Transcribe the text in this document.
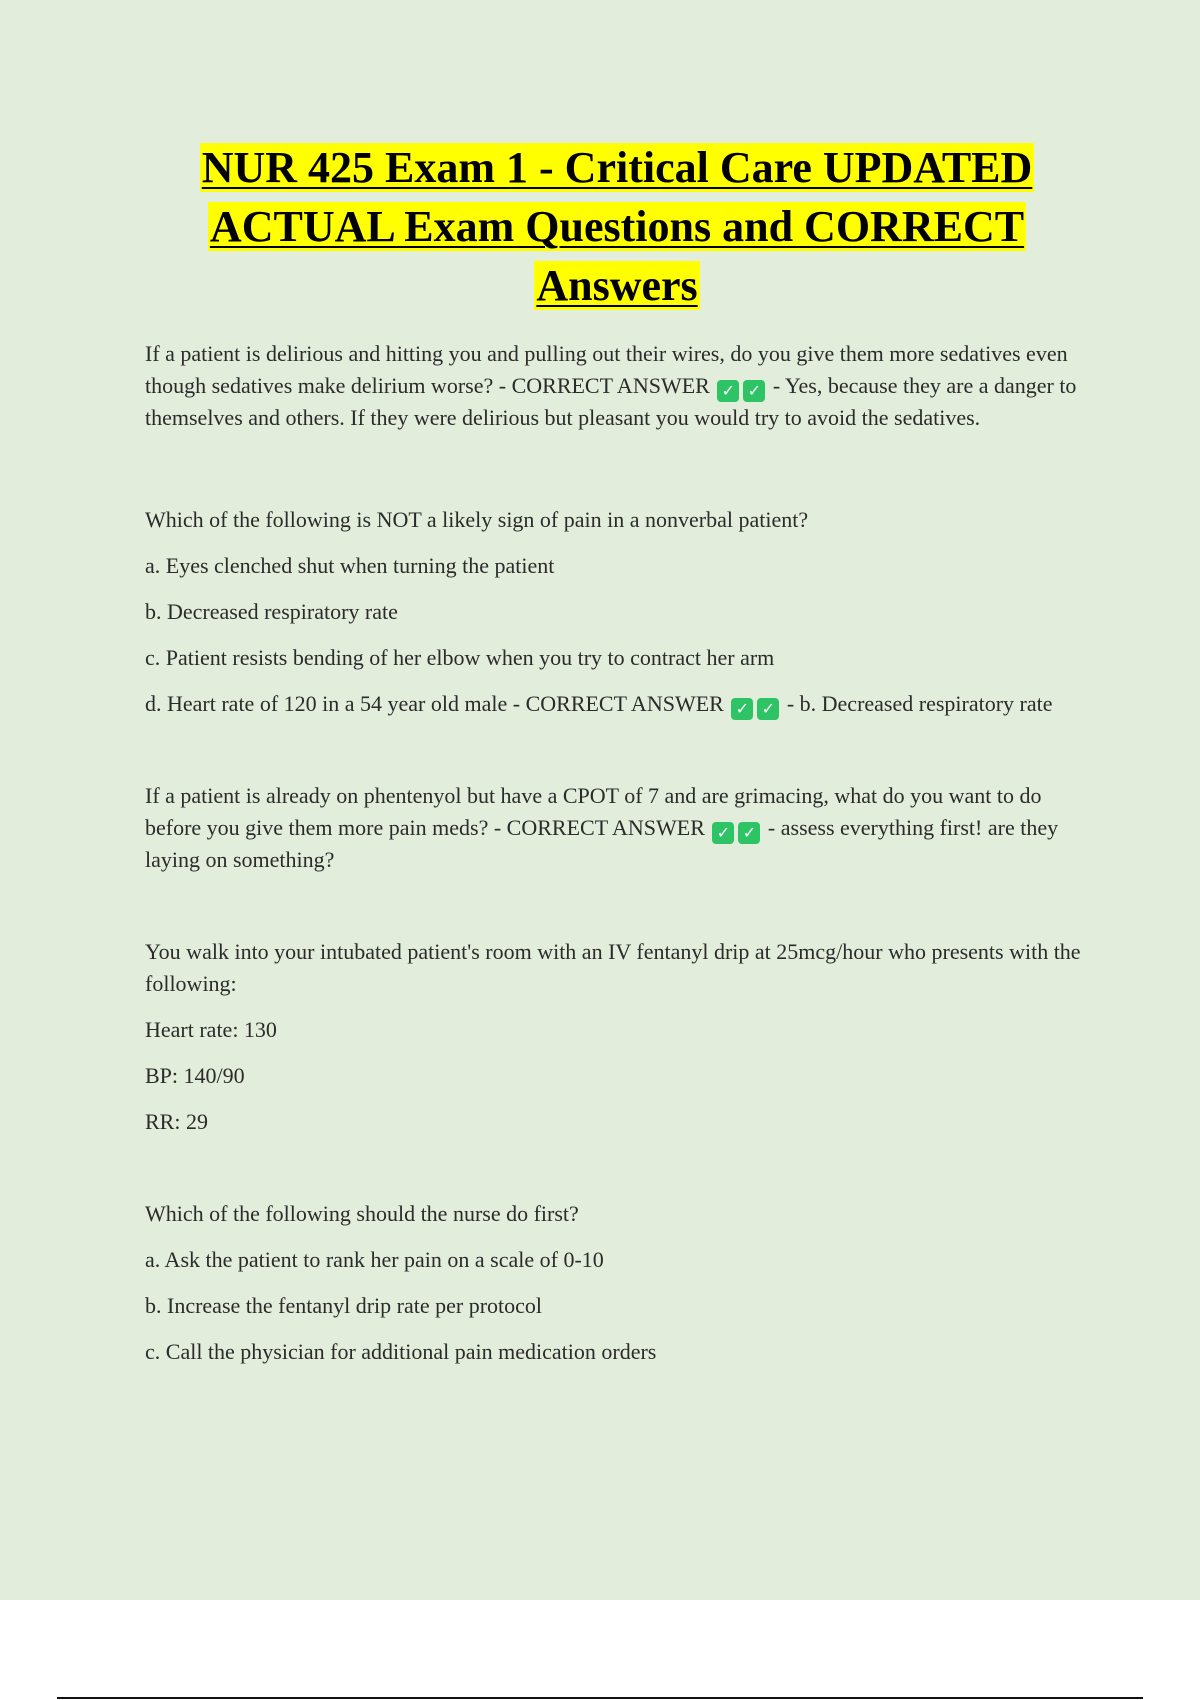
NUR 425 Exam 1 - Critical Care UPDATED
ACTUAL Exam Questions and CORRECT
Answers

If a patient is delirious and hitting you and pulling out their wires, do you give them more sedatives even though sedatives make delirium worse? - CORRECT ANSWER ✓ ✓ - Yes, because they are a danger to themselves and others. If they were delirious but pleasant you would try to avoid the sedatives.

Which of the following is NOT a likely sign of pain in a nonverbal patient?

a. Eyes clenched shut when turning the patient

b. Decreased respiratory rate

c. Patient resists bending of her elbow when you try to contract her arm

d. Heart rate of 120 in a 54 year old male - CORRECT ANSWER ✓ ✓ - b. Decreased respiratory rate

If a patient is already on phentenyol but have a CPOT of 7 and are grimacing, what do you want to do before you give them more pain meds? - CORRECT ANSWER ✓ ✓ - assess everything first! are they laying on something?

You walk into your intubated patient's room with an IV fentanyl drip at 25mcg/hour who presents with the following:

Heart rate: 130

BP: 140/90

RR: 29

Which of the following should the nurse do first?

a. Ask the patient to rank her pain on a scale of 0-10

b. Increase the fentanyl drip rate per protocol

c. Call the physician for additional pain medication orders
